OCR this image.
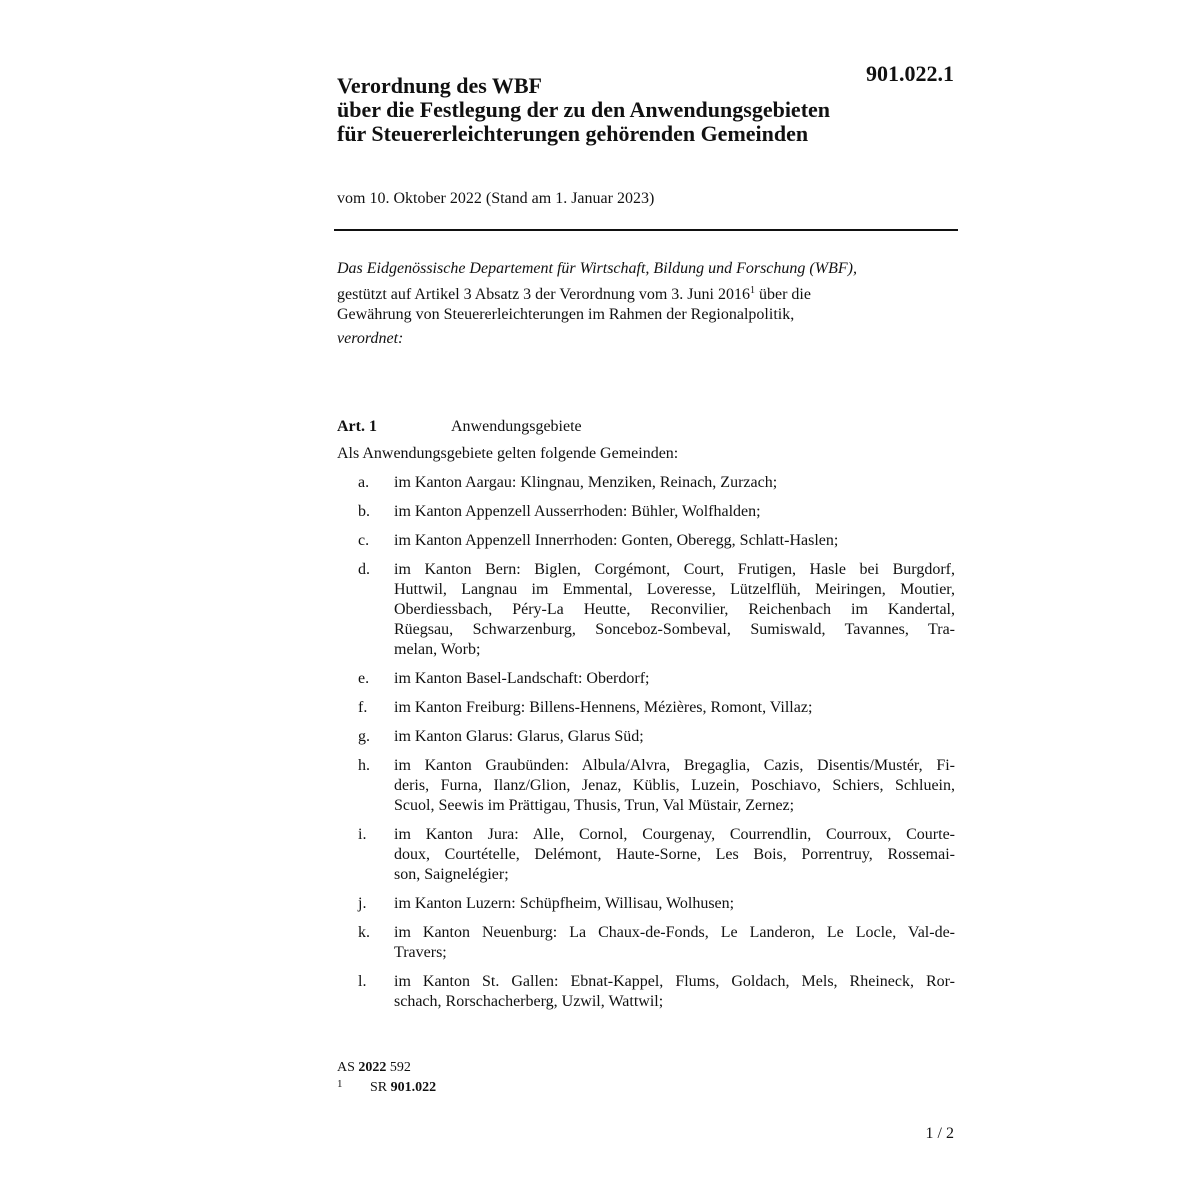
901.022.1
Verordnung des WBF
über die Festlegung der zu den Anwendungsgebieten
für Steuererleichterungen gehörenden Gemeinden
vom 10. Oktober 2022 (Stand am 1. Januar 2023)
Das Eidgenössische Departement für Wirtschaft, Bildung und Forschung (WBF),
gestützt auf Artikel 3 Absatz 3 der Verordnung vom 3. Juni 2016$^1$ über die
Gewährung von Steuererleichterungen im Rahmen der Regionalpolitik,
verordnet:
Art. 1	Anwendungsgebiete
Als Anwendungsgebiete gelten folgende Gemeinden:
a.	im Kanton Aargau: Klingnau, Menziken, Reinach, Zurzach;
b.	im Kanton Appenzell Ausserrhoden: Bühler, Wolfhalden;
c.	im Kanton Appenzell Innerrhoden: Gonten, Oberegg, Schlatt-Haslen;
d.	im Kanton Bern: Biglen, Corgémont, Court, Frutigen, Hasle bei Burgdorf,
Huttwil, Langnau im Emmental, Loveresse, Lützelflüh, Meiringen, Moutier,
Oberdiessbach, Péry-La Heutte, Reconvilier, Reichenbach im Kandertal,
Rüegsau, Schwarzenburg, Sonceboz-Sombeval, Sumiswald, Tavannes, Tra-
melan, Worb;
e.	im Kanton Basel-Landschaft: Oberdorf;
f.	im Kanton Freiburg: Billens-Hennens, Mézières, Romont, Villaz;
g.	im Kanton Glarus: Glarus, Glarus Süd;
h.	im Kanton Graubünden: Albula/Alvra, Bregaglia, Cazis, Disentis/Mustér, Fi-
deris, Furna, Ilanz/Glion, Jenaz, Küblis, Luzein, Poschiavo, Schiers, Schluein,
Scuol, Seewis im Prättigau, Thusis, Trun, Val Müstair, Zernez;
i.	im Kanton Jura: Alle, Cornol, Courgenay, Courrendlin, Courroux, Courte-
doux, Courtételle, Delémont, Haute-Sorne, Les Bois, Porrentruy, Rossemai-
son, Saignelégier;
j.	im Kanton Luzern: Schüpfheim, Willisau, Wolhusen;
k.	im Kanton Neuenburg: La Chaux-de-Fonds, Le Landeron, Le Locle, Val-de-
Travers;
l.	im Kanton St. Gallen: Ebnat-Kappel, Flums, Goldach, Mels, Rheineck, Ror-
schach, Rorschacherberg, Uzwil, Wattwil;
AS 2022 592
1 SR 901.022
1 / 2
